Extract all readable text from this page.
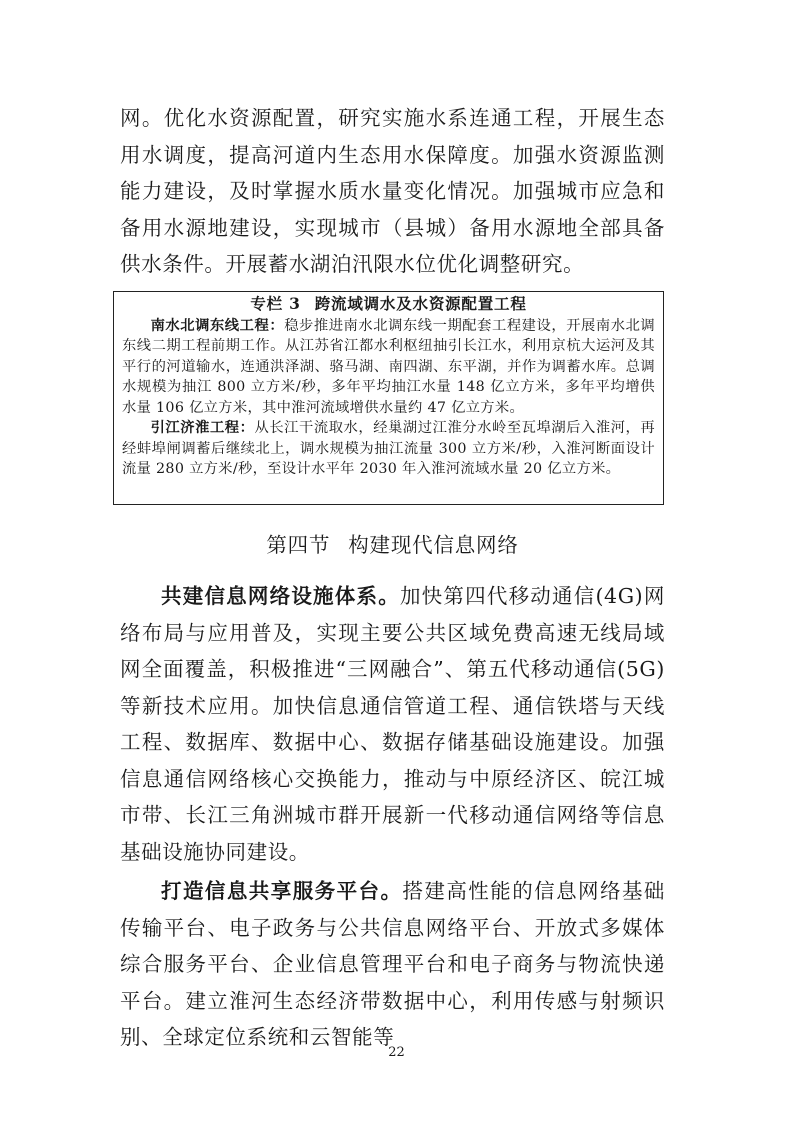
网。优化水资源配置，研究实施水系连通工程，开展生态用水调度，提高河道内生态用水保障度。加强水资源监测能力建设，及时掌握水质水量变化情况。加强城市应急和备用水源地建设，实现城市（县城）备用水源地全部具备供水条件。开展蓄水湖泊汛限水位优化调整研究。

专栏 3 跨流域调水及水资源配置工程

南水北调东线工程：稳步推进南水北调东线一期配套工程建设，开展南水北调东线二期工程前期工作。从江苏省江都水利枢纽抽引长江水，利用京杭大运河及其平行的河道输水，连通洪泽湖、骆马湖、南四湖、东平湖，并作为调蓄水库。总调水规模为抽江 800 立方米/秒，多年平均抽江水量 148 亿立方米，多年平均增供水量 106 亿立方米，其中淮河流域增供水量约 47 亿立方米。

引江济淮工程：从长江干流取水，经巢湖过江淮分水岭至瓦埠湖后入淮河，再经蚌埠闸调蓄后继续北上，调水规模为抽江流量 300 立方米/秒，入淮河断面设计流量 280 立方米/秒，至设计水平年 2030 年入淮河流域水量 20 亿立方米。

第四节 构建现代信息网络

共建信息网络设施体系。加快第四代移动通信(4G)网络布局与应用普及，实现主要公共区域免费高速无线局域网全面覆盖，积极推进“三网融合”、第五代移动通信(5G)等新技术应用。加快信息通信管道工程、通信铁塔与天线工程、数据库、数据中心、数据存储基础设施建设。加强信息通信网络核心交换能力，推动与中原经济区、皖江城市带、长江三角洲城市群开展新一代移动通信网络等信息基础设施协同建设。

打造信息共享服务平台。搭建高性能的信息网络基础传输平台、电子政务与公共信息网络平台、开放式多媒体综合服务平台、企业信息管理平台和电子商务与物流快递平台。建立淮河生态经济带数据中心，利用传感与射频识别、全球定位系统和云智能等

22
